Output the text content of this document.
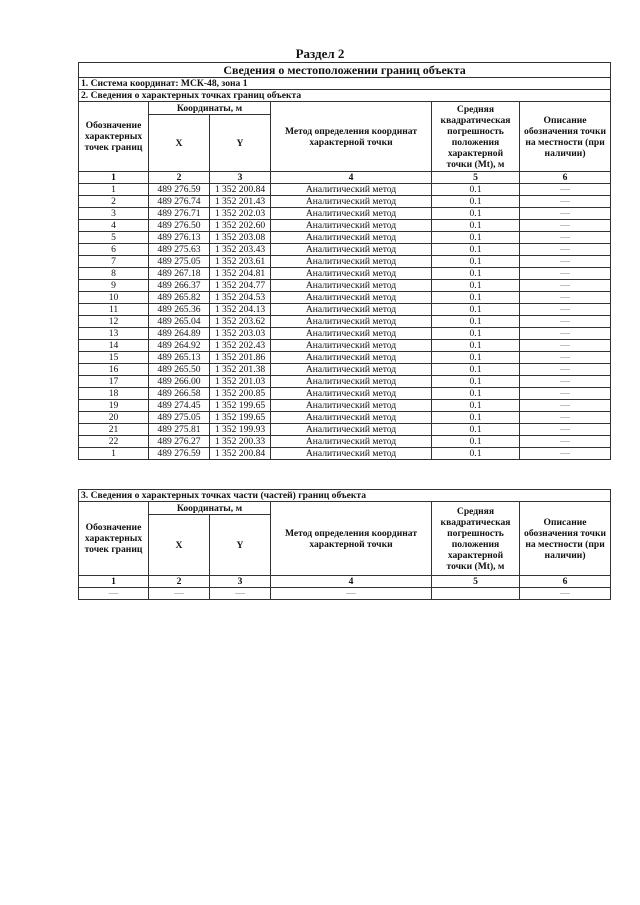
Раздел 2
Сведения о местоположении границ объекта					
1. Система координат: МСК-48, зона 1					
2. Сведения о характерных точках границ объекта					
Обозначение характерных точек границ	Координаты, м		Метод определения координат характерной точки	Средняя квадратическая погрешность положения характерной точки (Mt), м	Описание обозначения точки на местности (при наличии)
	X	Y			
1	2	3	4	5	6
1	489 276.59	1 352 200.84	Аналитический метод	0.1	—
2	489 276.74	1 352 201.43	Аналитический метод	0.1	—
3	489 276.71	1 352 202.03	Аналитический метод	0.1	—
4	489 276.50	1 352 202.60	Аналитический метод	0.1	—
5	489 276.13	1 352 203.08	Аналитический метод	0.1	—
6	489 275.63	1 352 203.43	Аналитический метод	0.1	—
7	489 275.05	1 352 203.61	Аналитический метод	0.1	—
8	489 267.18	1 352 204.81	Аналитический метод	0.1	—
9	489 266.37	1 352 204.77	Аналитический метод	0.1	—
10	489 265.82	1 352 204.53	Аналитический метод	0.1	—
11	489 265.36	1 352 204.13	Аналитический метод	0.1	—
12	489 265.04	1 352 203.62	Аналитический метод	0.1	—
13	489 264.89	1 352 203.03	Аналитический метод	0.1	—
14	489 264.92	1 352 202.43	Аналитический метод	0.1	—
15	489 265.13	1 352 201.86	Аналитический метод	0.1	—
16	489 265.50	1 352 201.38	Аналитический метод	0.1	—
17	489 266.00	1 352 201.03	Аналитический метод	0.1	—
18	489 266.58	1 352 200.85	Аналитический метод	0.1	—
19	489 274.45	1 352 199.65	Аналитический метод	0.1	—
20	489 275.05	1 352 199.65	Аналитический метод	0.1	—
21	489 275.81	1 352 199.93	Аналитический метод	0.1	—
22	489 276.27	1 352 200.33	Аналитический метод	0.1	—
1	489 276.59	1 352 200.84	Аналитический метод	0.1	—
3. Сведения о характерных точках части (частей) границ объекта					
Обозначение характерных точек границ	Координаты, м		Метод определения координат характерной точки	Средняя квадратическая погрешность положения характерной точки (Mt), м	Описание обозначения точки на местности (при наличии)
	X	Y			
1	2	3	4	5	6
—	—	—	—		—
